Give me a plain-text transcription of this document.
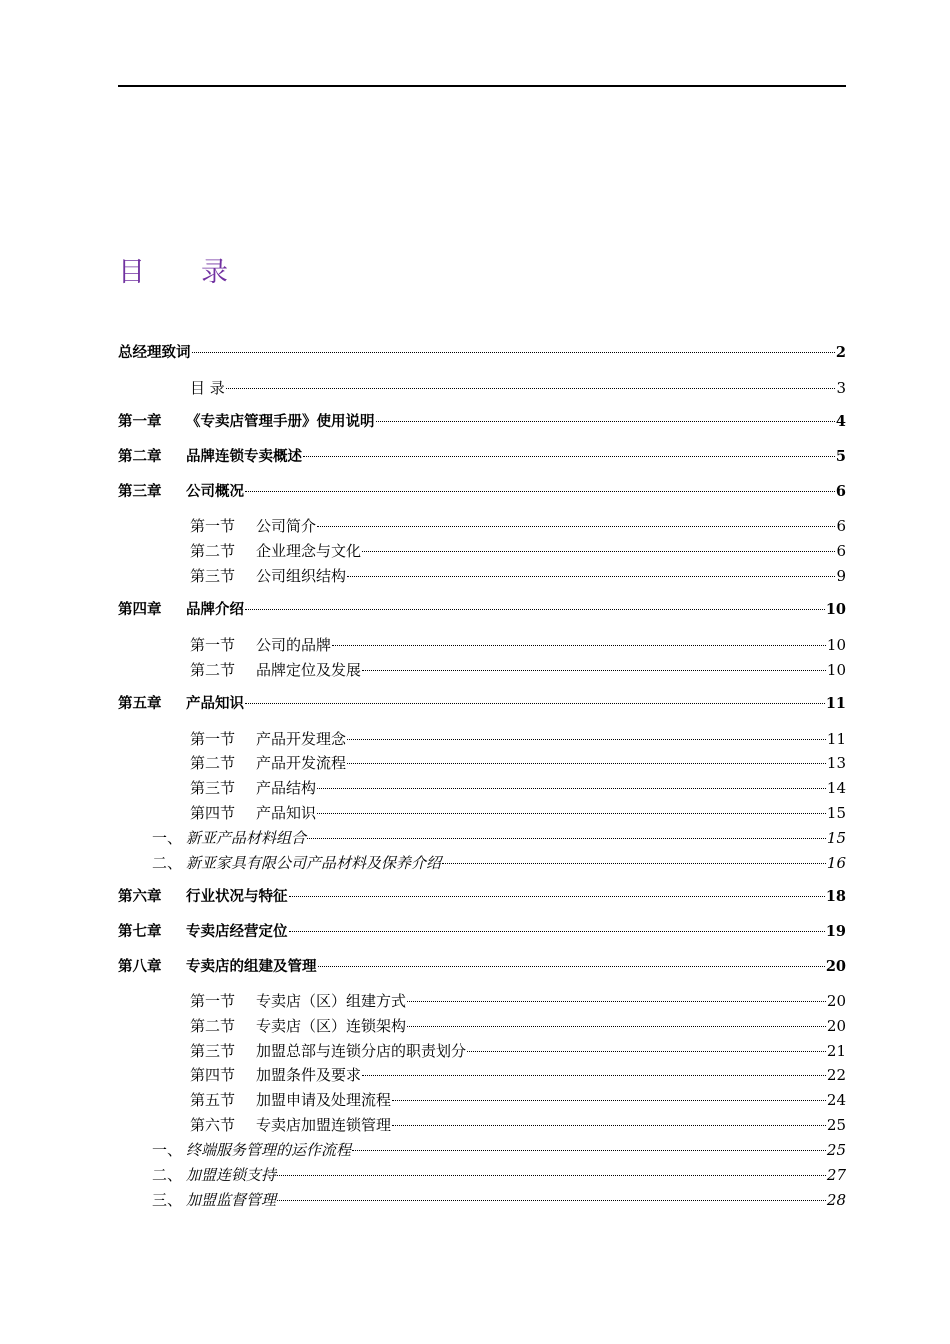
目 录
总经理致词	2
目 录	3
第一章	《专卖店管理手册》使用说明	4
第二章	品牌连锁专卖概述	5
第三章	公司概况	6
第一节	公司简介	6
第二节	企业理念与文化	6
第三节	公司组织结构	9
第四章	品牌介绍	10
第一节	公司的品牌	10
第二节	品牌定位及发展	10
第五章	产品知识	11
第一节	产品开发理念	11
第二节	产品开发流程	13
第三节	产品结构	14
第四节	产品知识	15
一、 新亚产品材料组合	15
二、 新亚家具有限公司产品材料及保养介绍	16
第六章	行业状况与特征	18
第七章	专卖店经营定位	19
第八章	专卖店的组建及管理	20
第一节	专卖店（区）组建方式	20
第二节	专卖店（区）连锁架构	20
第三节	加盟总部与连锁分店的职责划分	21
第四节	加盟条件及要求	22
第五节	加盟申请及处理流程	24
第六节	专卖店加盟连锁管理	25
一、 终端服务管理的运作流程	25
二、 加盟连锁支持	27
三、 加盟监督管理	28
